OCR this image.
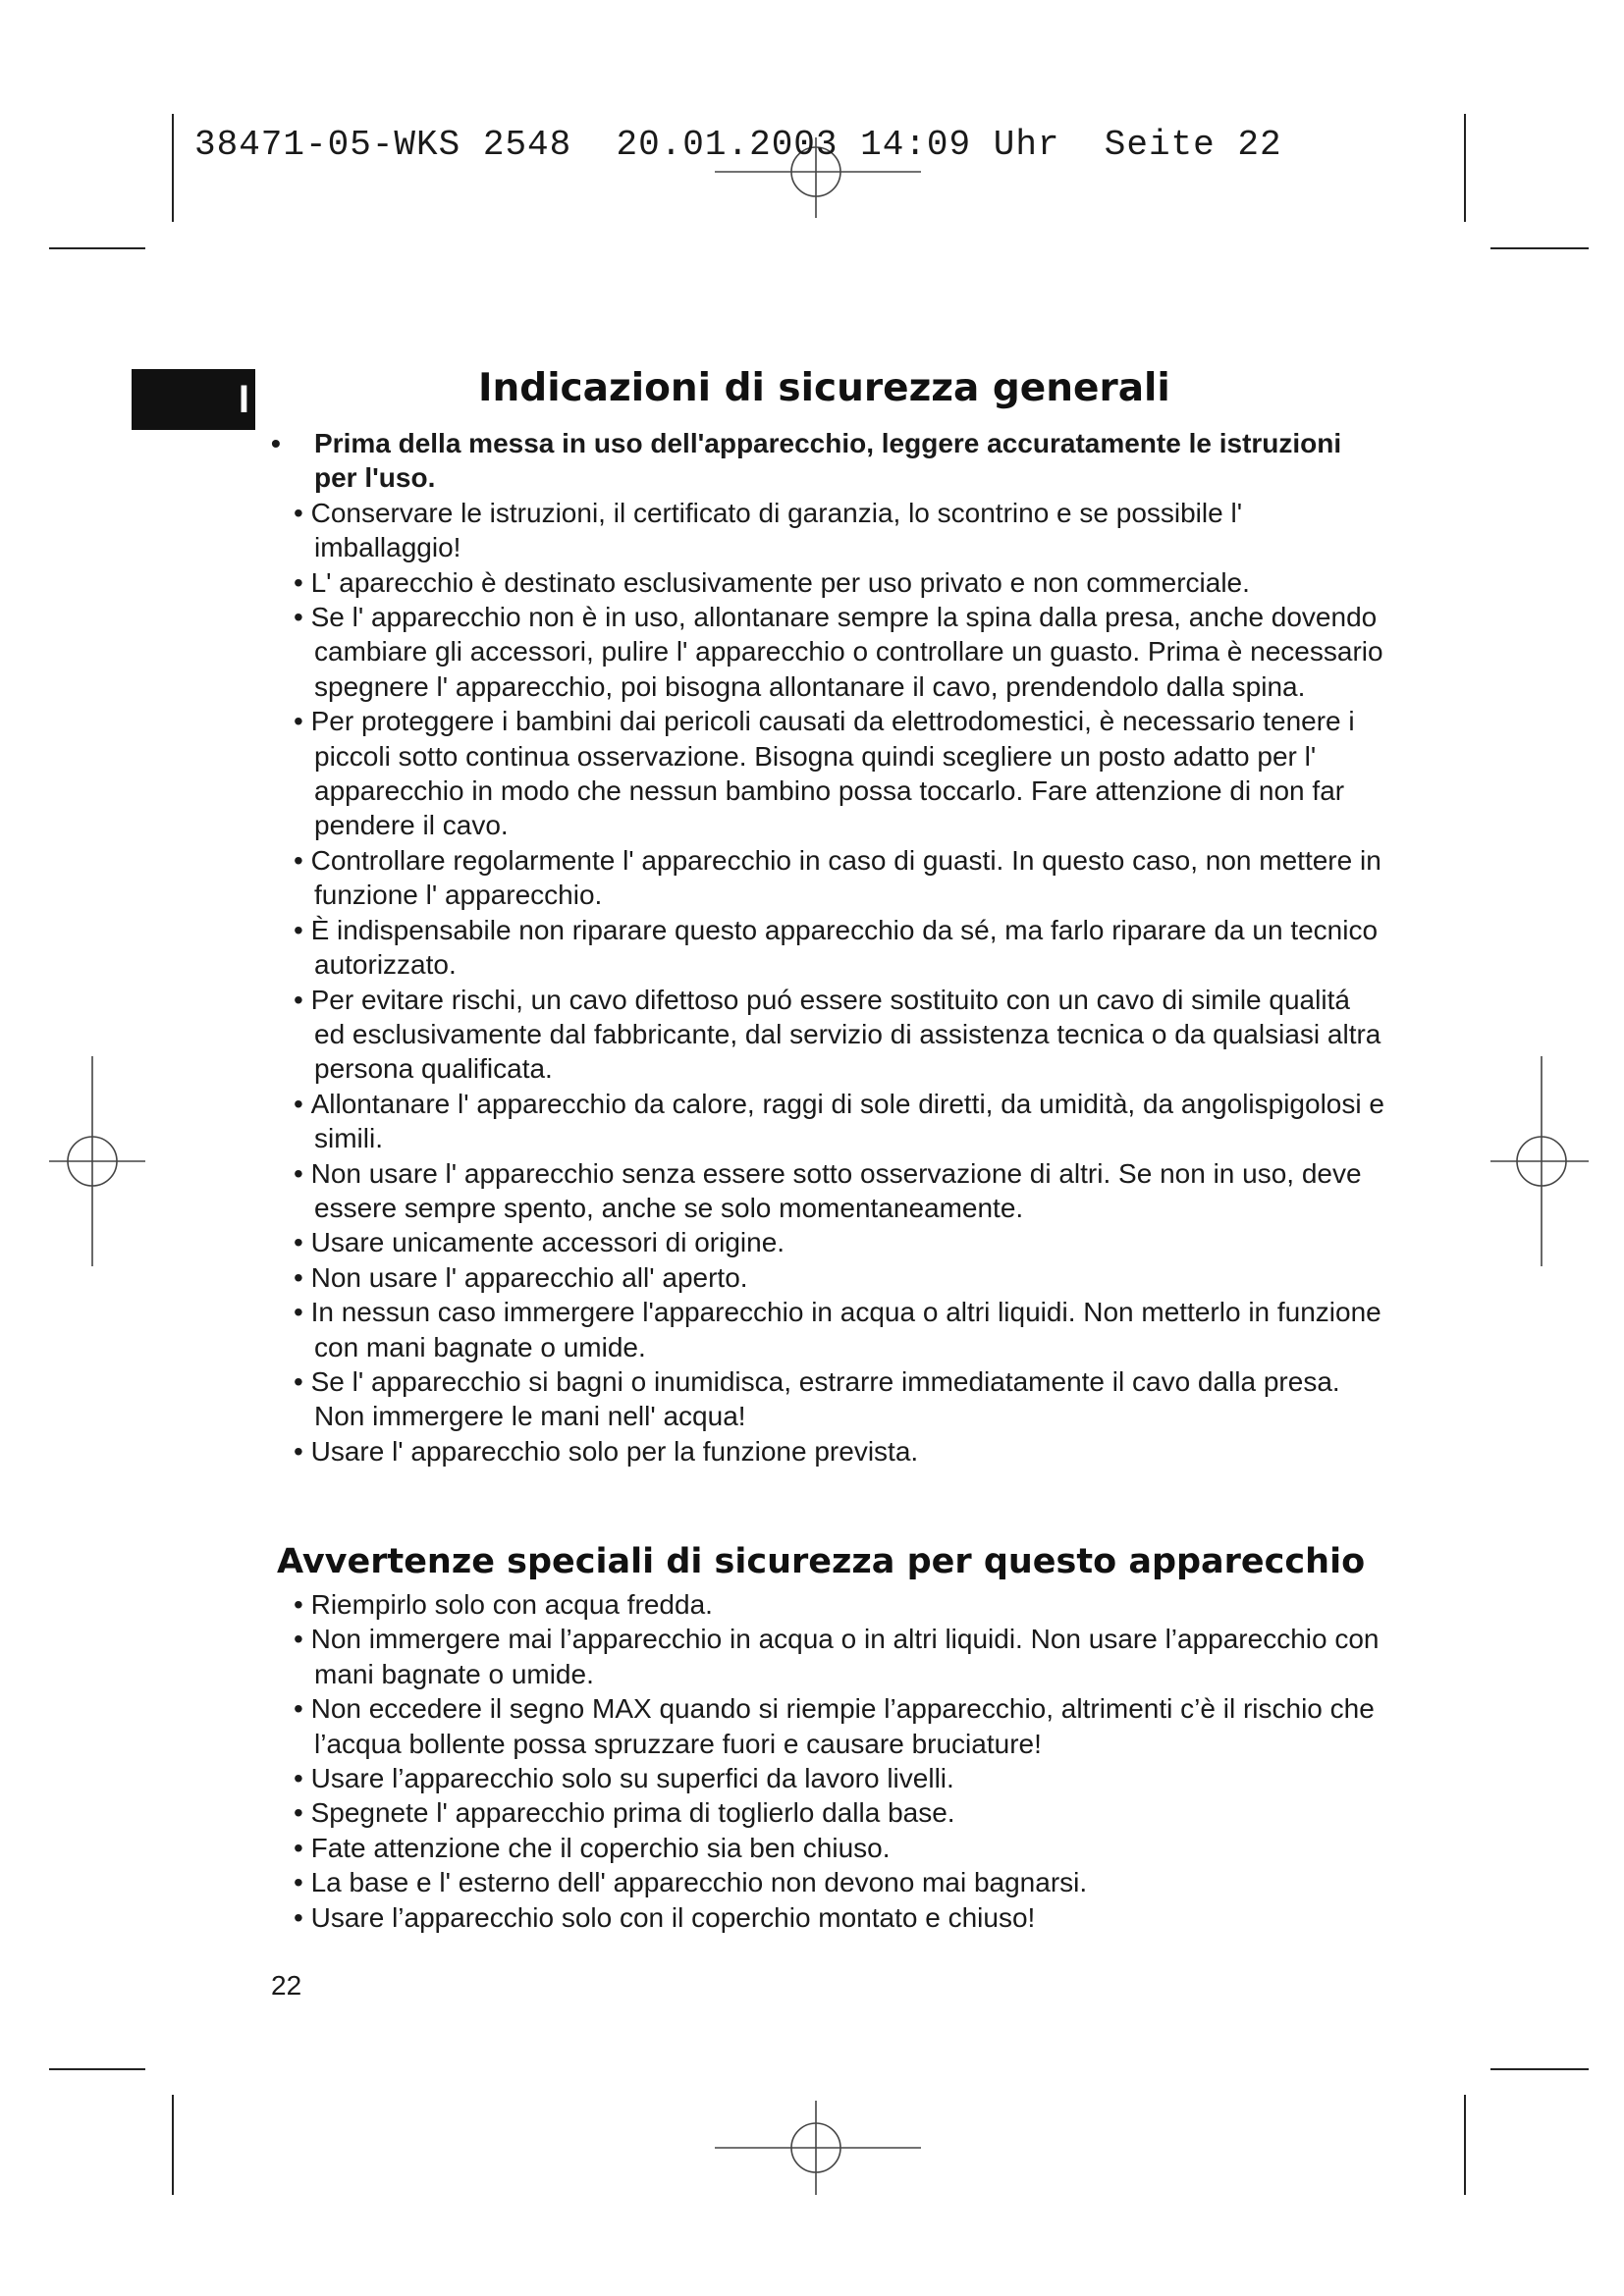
38471-05-WKS 2548  20.01.2003 14:09 Uhr  Seite 22
I	Indicazioni di sicurezza generali
• Prima della messa in uso dell'apparecchio, leggere accuratamente le istruzioni per l'uso.
• Conservare le istruzioni, il certificato di garanzia, lo scontrino e se possibile l' imballaggio!
• L' aparecchio è destinato esclusivamente per uso privato e non commerciale.
• Se l' apparecchio non è in uso, allontanare sempre la spina dalla presa, anche dovendo cambiare gli accessori, pulire l' apparecchio o controllare un guasto. Prima è necessario spegnere l' apparecchio, poi bisogna allontanare il cavo, prendendolo dalla spina.
• Per proteggere i bambini dai pericoli causati da elettrodomestici, è necessario tenere i piccoli sotto continua osservazione. Bisogna quindi scegliere un posto adatto per l' apparecchio in modo che nessun bambino possa toccarlo. Fare attenzione di non far pendere il cavo.
• Controllare regolarmente l' apparecchio in caso di guasti. In questo caso, non mettere in funzione l' apparecchio.
• È indispensabile non riparare questo apparecchio da sé, ma farlo riparare da un tecnico autorizzato.
• Per evitare rischi, un cavo difettoso puó essere sostituito con un cavo di simile qualitá ed esclusivamente dal fabbricante, dal servizio di assistenza tecnica o da qualsiasi altra persona qualificata.
• Allontanare l' apparecchio da calore, raggi di sole diretti, da umidità, da angolispigolosi e simili.
• Non usare l' apparecchio senza essere sotto osservazione di altri. Se non in uso, deve essere sempre spento, anche se solo momentaneamente.
• Usare unicamente accessori di origine.
• Non usare l' apparecchio all' aperto.
• In nessun caso immergere l'apparecchio in acqua o altri liquidi. Non metterlo in funzione con mani bagnate o umide.
• Se l' apparecchio si bagni o inumidisca, estrarre immediatamente il cavo dalla presa. Non immergere le mani nell' acqua!
• Usare l' apparecchio solo per la funzione prevista.
Avvertenze speciali di sicurezza per questo apparecchio
• Riempirlo solo con acqua fredda.
• Non immergere mai l’apparecchio in acqua o in altri liquidi. Non usare l’apparecchio con mani bagnate o umide.
• Non eccedere il segno MAX quando si riempie l’apparecchio, altrimenti c’è il rischio che l’acqua bollente possa spruzzare fuori e causare bruciature!
• Usare l’apparecchio solo su superfici da lavoro livelli.
• Spegnete l' apparecchio prima di toglierlo dalla base.
• Fate attenzione che il coperchio sia ben chiuso.
• La base e l' esterno dell' apparecchio non devono mai bagnarsi.
• Usare l’apparecchio solo con il coperchio montato e chiuso!
22
